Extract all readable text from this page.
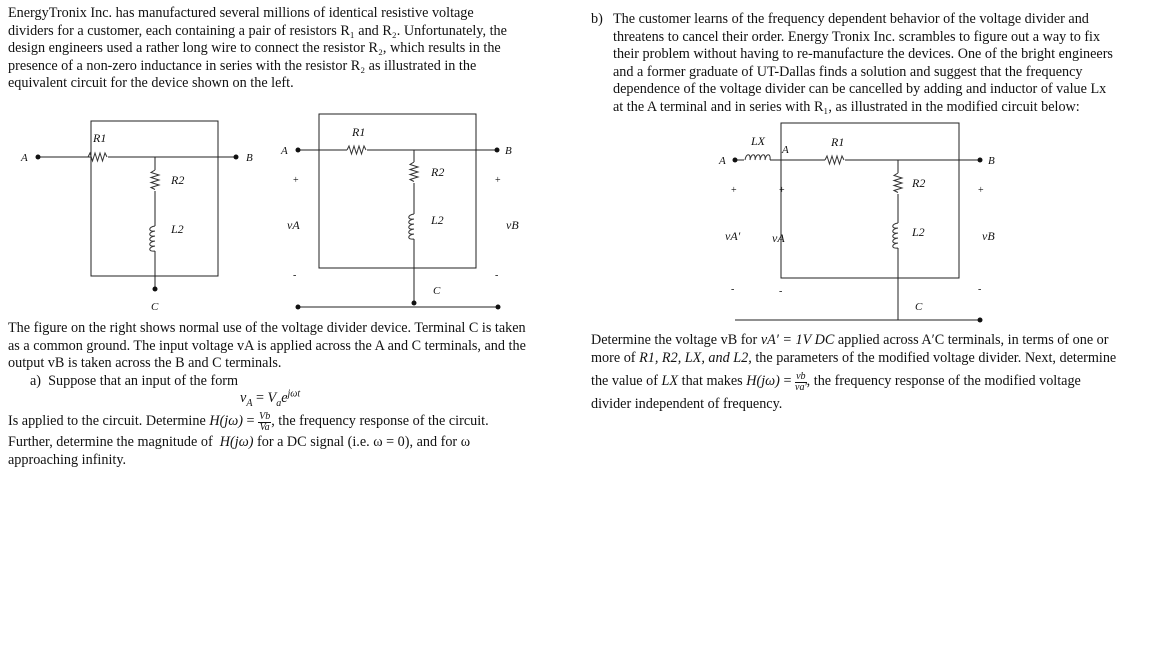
EnergyTronix Inc. has manufactured several millions of identical resistive voltage
dividers for a customer, each containing a pair of resistors R₁ and R₂. Unfortunately, the
design engineers used a rather long wire to connect the resistor R₂, which results in the
presence of a non-zero inductance in series with the resistor R₂ as illustrated in the
equivalent circuit for the device shown on the left.
The figure on the right shows normal use of the voltage divider device. Terminal C is taken
as a common ground. The input voltage vA is applied across the A and C terminals, and the
output vB is taken across the B and C terminals.
a) Suppose that an input of the form
$v_A = V_ae^{j\omega t}$
Is applied to the circuit. Determine
$H(j\omega) = \frac{Vb}{Va}$ , the frequency response of the circuit.
Further, determine the magnitude of H(jω) for a DC signal (i.e. ω = 0), and for ω
approaching infinity.
b) The customer learns of the frequency dependent behavior of the voltage divider and
threatens to cancel their order. Energy Tronix Inc. scrambles to figure out a way to fix
their problem without having to re-manufacture the devices. One of the bright engineers
and a former graduate of UT-Dallas finds a solution and suggest that the frequency
dependence of the voltage divider can be cancelled by adding and inductor of value Lx
at the A terminal and in series with R₁, as illustrated in the modified circuit below:
Determine the voltage vB for vA′ = 1V DC applied across A′C terminals, in terms of one or
more of R1, R2, LX, and L2, the parameters of the modified voltage divider. Next, determine
the value of
LX
that makes
$H(j\omega) = \frac{vb}{va'}$ , the frequency response of the modified voltage
divider independent of frequency.
R1
R2
L2
A	B
C
R1
R2
L2
A	B
C
+	+
-	-
vA	vB
LX	R1
R2
L2
A
A
B
C
+	+	+
-	-	-
vA′	vA	vB
